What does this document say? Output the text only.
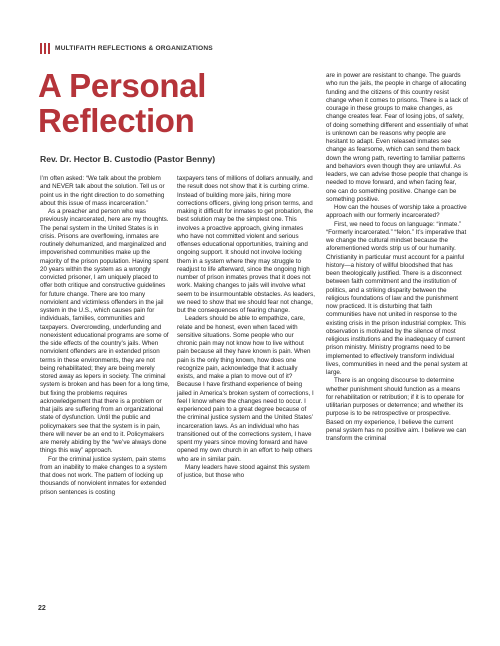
MULTIFAITH REFLECTIONS & ORGANIZATIONS
A Personal
Reflection

Rev. Dr. Hector B. Custodio (Pastor Benny)

I’m often asked: “We talk about the problem and NEVER talk about the solution. Tell us or point us in the right direction to do something about this issue of mass incarceration.”

As a preacher and person who was previously incarcerated, here are my thoughts. The penal system in the United States is in crisis. Prisons are overflowing, inmates are routinely dehumanized, and marginalized and impoverished communities make up the majority of the prison population. Having spent 20 years within the system as a wrongly convicted prisoner, I am uniquely placed to offer both critique and constructive guidelines for future change. There are too many nonviolent and victimless offenders in the jail system in the U.S., which causes pain for individuals, families, communities and taxpayers. Overcrowding, underfunding and nonexistent educational programs are some of the side effects of the country’s jails. When nonviolent offenders are in extended prison terms in these environments, they are not being rehabilitated; they are being merely stored away as lepers in society. The criminal system is broken and has been for a long time, but fixing the problems requires acknowledgement that there is a problem or that jails are suffering from an organizational state of dysfunction. Until the public and policymakers see that the system is in pain, there will never be an end to it. Policymakers are merely abiding by the “we’ve always done things this way” approach.

For the criminal justice system, pain stems from an inability to make changes to a system that does not work. The pattern of locking up thousands of nonviolent inmates for extended prison sentences is costing

taxpayers tens of millions of dollars annually, and the result does not show that it is curbing crime. Instead of building more jails, hiring more corrections officers, giving long prison terms, and making it difficult for inmates to get probation, the best solution may be the simplest one. This involves a proactive approach, giving inmates who have not committed violent and serious offenses educational opportunities, training and ongoing support. It should not involve locking them in a system where they may struggle to readjust to life afterward, since the ongoing high number of prison inmates proves that it does not work. Making changes to jails will involve what seem to be insurmountable obstacles. As leaders, we need to show that we should fear not change, but the consequences of fearing change.

Leaders should be able to empathize, care, relate and be honest, even when faced with sensitive situations. Some people who our chronic pain may not know how to live without pain because all they have known is pain. When pain is the only thing known, how does one recognize pain, acknowledge that it actually exists, and make a plan to move out of it? Because I have firsthand experience of being jailed in America’s broken system of corrections, I feel I know where the changes need to occur. I experienced pain to a great degree because of the criminal justice system and the United States’ incarceration laws. As an individual who has transitioned out of the corrections system, I have spent my years since moving forward and have opened my own church in an effort to help others who are in similar pain.

Many leaders have stood against this system of justice, but those who

are in power are resistant to change. The guards who run the jails, the people in charge of allocating funding and the citizens of this country resist change when it comes to prisons. There is a lack of courage in these groups to make changes, as change creates fear. Fear of losing jobs, of safety, of doing something different and essentially of what is unknown can be reasons why people are hesitant to adapt. Even released inmates see change as fearsome, which can send them back down the wrong path, reverting to familiar patterns and behaviors even though they are unlawful. As leaders, we can advise those people that change is needed to move forward, and when facing fear, one can do something positive. Change can be something positive.

How can the houses of worship take a proactive approach with our formerly incarcerated?

First, we need to focus on language: “inmate.” “Formerly incarcerated.” “felon.” It’s imperative that we change the cultural mindset because the aforementioned words strip us of our humanity. Christianity in particular must account for a painful history—a history of willful bloodshed that has been theologically justified. There is a disconnect between faith commitment and the institution of politics, and a striking disparity between the religious foundations of law and the punishment now practiced. It is disturbing that faith communities have not united in response to the existing crisis in the prison industrial complex. This observation is motivated by the silence of most religious institutions and the inadequacy of current prison ministry. Ministry programs need to be implemented to effectively transform individual lives, communities in need and the penal system at large.

There is an ongoing discourse to determine whether punishment should function as a means for rehabilitation or retribution; if it is to operate for utilitarian purposes or deterrence; and whether its purpose is to be retrospective or prospective. Based on my experience, I believe the current penal system has no positive aim. I believe we can transform the criminal

22
